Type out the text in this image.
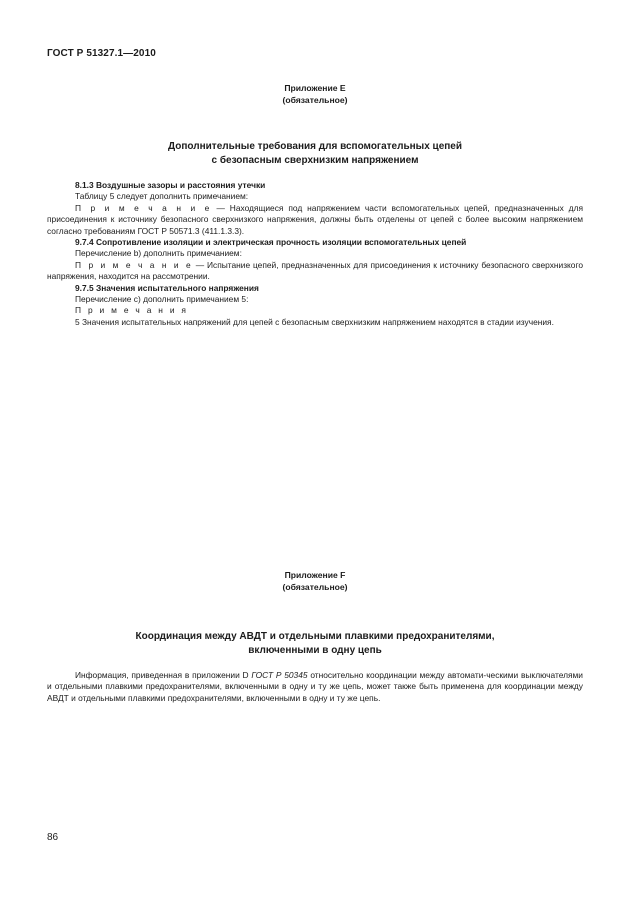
ГОСТ Р 51327.1—2010
Приложение E
(обязательное)
Дополнительные требования для вспомогательных цепей
с безопасным сверхнизким напряжением

8.1.3 Воздушные зазоры и расстояния утечки

Таблицу 5 следует дополнить примечанием:

П р и м е ч а н и е — Находящиеся под напряжением части вспомогательных цепей, предназначенных для присоединения к источнику безопасного сверхнизкого напряжения, должны быть отделены от цепей с более высоким напряжением согласно требованиям ГОСТ Р 50571.3 (411.1.3.3).

9.7.4 Сопротивление изоляции и электрическая прочность изоляции вспомогательных цепей

Перечисление b) дополнить примечанием:

П р и м е ч а н и е — Испытание цепей, предназначенных для присоединения к источнику безопасного сверхнизкого напряжения, находится на рассмотрении.

9.7.5 Значения испытательного напряжения

Перечисление с) дополнить примечанием 5:

П р и м е ч а н и я

5 Значения испытательных напряжений для цепей с безопасным сверхнизким напряжением находятся в стадии изучения.

Приложение F
(обязательное)
Координация между АВДТ и отдельными плавкими предохранителями,
включенными в одну цепь

Информация, приведенная в приложении D ГОСТ Р 50345 относительно координации между автомати-ческими выключателями и отдельными плавкими предохранителями, включенными в одну и ту же цепь, может также быть применена для координации между АВДТ и отдельными плавкими предохранителями, включенными в одну и ту же цепь.

86
